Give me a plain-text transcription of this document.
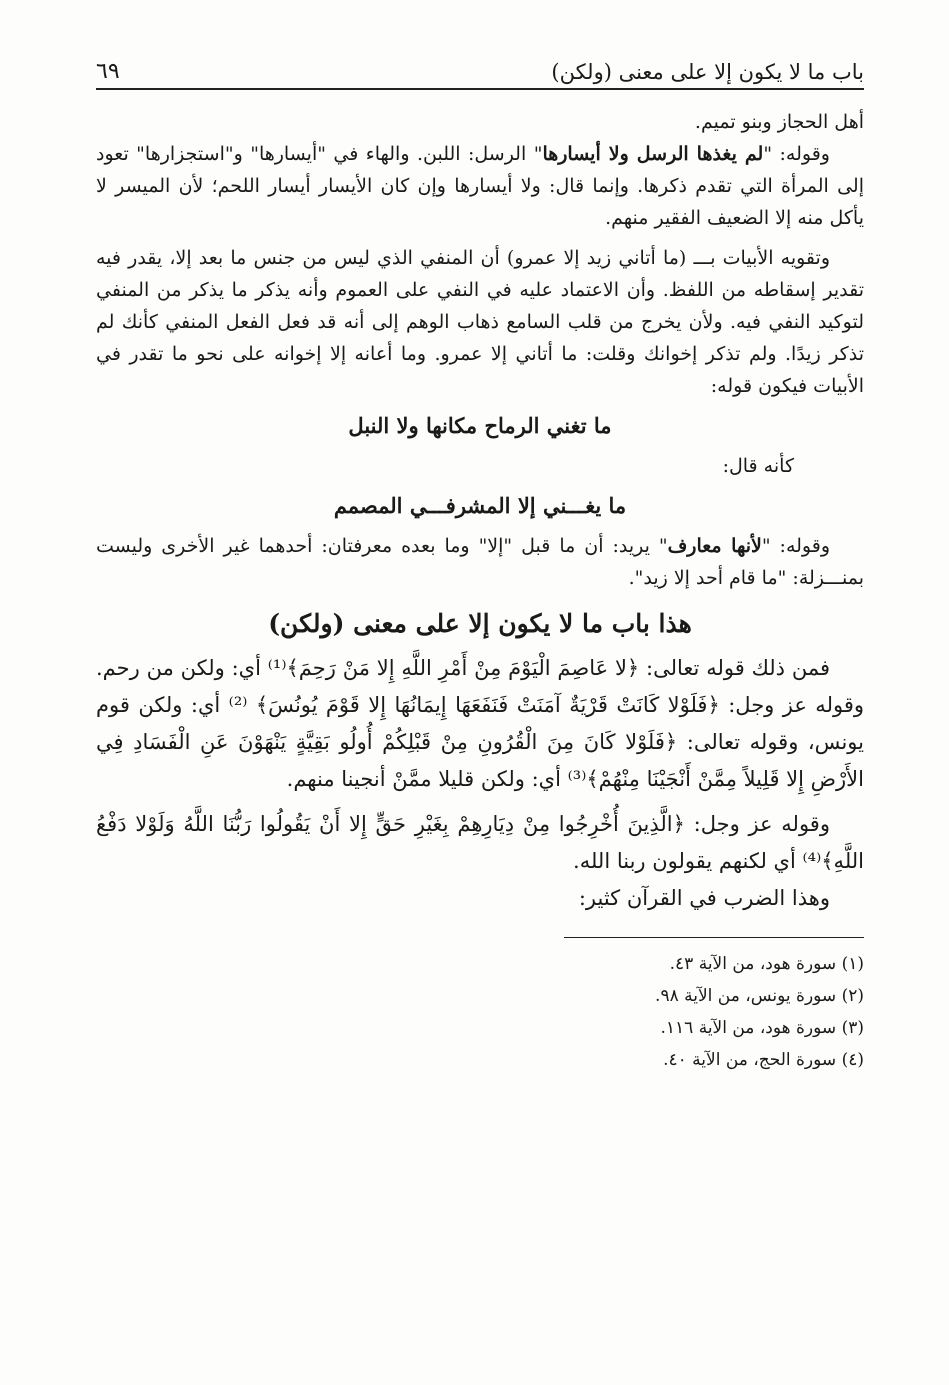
باب ما لا يكون إلا على معنى (ولكن)
٦٩

أهل الحجاز وبنو تميم.

وقوله: "لم يغذها الرسل ولا أيسارها" الرسل: اللبن. والهاء في "أيسارها" و"استجزارها" تعود إلى المرأة التي تقدم ذكرها. وإنما قال: ولا أيسارها وإن كان الأيسار أيسار اللحم؛ لأن الميسر لا يأكل منه إلا الضعيف الفقير منهم.

وتقويه الأبيات بـــ (ما أتاني زيد إلا عمرو) أن المنفي الذي ليس من جنس ما بعد إلا، يقدر فيه تقدير إسقاطه من اللفظ. وأن الاعتماد عليه في النفي على العموم وأنه يذكر ما يذكر من المنفي لتوكيد النفي فيه. ولأن يخرج من قلب السامع ذهاب الوهم إلى أنه قد فعل الفعل المنفي كأنك لم تذكر زيدًا. ولم تذكر إخوانك وقلت: ما أتاني إلا عمرو. وما أعانه إلا إخوانه على نحو ما تقدر في الأبيات فيكون قوله:

ما تغني الرماح مكانها ولا النبل

كأنه قال:

ما يغـــني إلا المشرفـــي المصمم

وقوله: "لأنها معارف" يريد: أن ما قبل "إلا" وما بعده معرفتان: أحدهما غير الأخرى وليست بمنـــزلة: "ما قام أحد إلا زيد".

هذا باب ما لا يكون إلا على معنى (ولكن)

فمن ذلك قوله تعالى: ﴿لا عَاصِمَ الْيَوْمَ مِنْ أَمْرِ اللَّهِ إِلا مَنْ رَحِمَ﴾⁽¹⁾ أي: ولكن من رحم. وقوله عز وجل: ﴿فَلَوْلا كَانَتْ قَرْيَةٌ آمَنَتْ فَنَفَعَهَا إِيمَانُهَا إِلا قَوْمَ يُونُسَ﴾ ⁽²⁾ أي: ولكن قوم يونس، وقوله تعالى: ﴿فَلَوْلا كَانَ مِنَ الْقُرُونِ مِنْ قَبْلِكُمْ أُولُو بَقِيَّةٍ يَنْهَوْنَ عَنِ الْفَسَادِ فِي الأَرْضِ إِلا قَلِيلاً مِمَّنْ أَنْجَيْنَا مِنْهُمْ﴾⁽³⁾ أي: ولكن قليلا ممَّنْ أنجينا منهم.

وقوله عز وجل: ﴿الَّذِينَ أُخْرِجُوا مِنْ دِيَارِهِمْ بِغَيْرِ حَقٍّ إِلا أَنْ يَقُولُوا رَبُّنَا اللَّهُ وَلَوْلا دَفْعُ اللَّهِ﴾⁽⁴⁾ أي لكنهم يقولون ربنا الله.

وهذا الضرب في القرآن كثير:

(١) سورة هود، من الآية ٤٣.

(٢) سورة يونس، من الآية ٩٨.

(٣) سورة هود، من الآية ١١٦.

(٤) سورة الحج، من الآية ٤٠.
